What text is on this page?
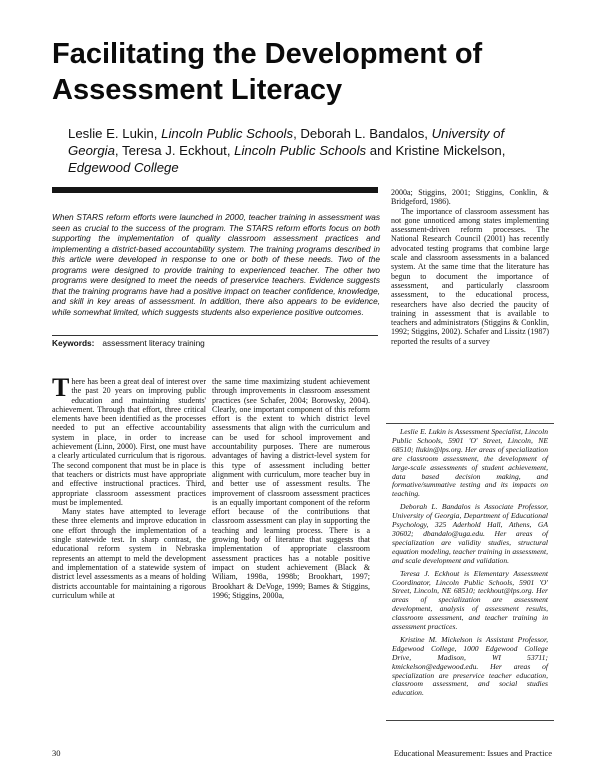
Facilitating the Development of Assessment Literacy
Leslie E. Lukin, Lincoln Public Schools, Deborah L. Bandalos, University of Georgia, Teresa J. Eckhout, Lincoln Public Schools and Kristine Mickelson, Edgewood College
When STARS reform efforts were launched in 2000, teacher training in assessment was seen as crucial to the success of the program. The STARS reform efforts focus on both supporting the implementation of quality classroom assessment practices and implementing a district-based accountability system. The training programs described in this article were developed in response to one or both of these needs. Two of the programs were designed to provide training to experienced teacher. The other two programs were designed to meet the needs of preservice teachers. Evidence suggests that the training programs have had a positive impact on teacher confidence, knowledge, and skill in key areas of assessment. In addition, there also appears to be evidence, while somewhat limited, which suggests students also experience positive outcomes.
Keywords: assessment literacy training

2000a; Stiggins, 2001; Stiggins, Conklin, & Bridgeford, 1986).

The importance of classroom assessment has not gone unnoticed among states implementing assessment-driven reform processes. The National Research Council (2001) has recently advocated testing programs that combine large scale and classroom assessments in a balanced system. At the same time that the literature has begun to document the importance of assessment, and particularly classroom assessment, to the educational process, researchers have also decried the paucity of training in assessment that is available to teachers and administrators (Stiggins & Conklin, 1992; Stiggins, 2002). Schafer and Lissitz (1987) reported the results of a survey

There has been a great deal of interest over the past 20 years on improving public education and maintaining students' achievement. Through that effort, three critical elements have been identified as the processes needed to put an effective accountability system in place, in order to increase achievement (Linn, 2000). First, one must have a clearly articulated curriculum that is rigorous. The second component that must be in place is that teachers or districts must have appropriate and effective instructional practices. Third, appropriate classroom assessment practices must be implemented.

Many states have attempted to leverage these three elements and improve education in one effort through the implementation of a single statewide test. In sharp contrast, the educational reform system in Nebraska represents an attempt to meld the development and implementation of a statewide system of district level assessments as a means of holding districts accountable for maintaining a rigorous curriculum while at

the same time maximizing student achievement through improvements in classroom assessment practices (see Schafer, 2004; Borowsky, 2004). Clearly, one important component of this reform effort is the extent to which district level assessments that align with the curriculum and can be used for school improvement and accountability purposes. There are numerous advantages of having a district-level system for this type of assessment including better alignment with curriculum, more teacher buy in and better use of assessment results. The improvement of classroom assessment practices is an equally important component of the reform effort because of the contributions that classroom assessment can play in supporting the teaching and learning process. There is a growing body of literature that suggests that implementation of appropriate classroom assessment practices has a notable positive impact on student achievement (Black & Wiliam, 1998a, 1998b; Brookhart, 1997; Brookhart & DeVoge, 1999; Bames & Stiggins, 1996; Stiggins, 2000a,

Leslie E. Lukin is Assessment Specialist, Lincoln Public Schools, 5901 'O' Street, Lincoln, NE 68510; llukin@lps.org. Her areas of specialization are classroom assessment, the development of large-scale assessments of student achievement, data based decision making, and formative/summative testing and its impacts on teaching.

Deborah L. Bandalos is Associate Professor, University of Georgia, Department of Educational Psychology, 325 Aderhold Hall, Athens, GA 30602; dbandalo@uga.edu. Her areas of specialization are validity studies, structural equation modeling, teacher training in assessment, and scale development and validation.

Teresa J. Eckhout is Elementary Assessment Coordinator, Lincoln Public Schools, 5901 'O' Street, Lincoln, NE 68510; teckhout@lps.org. Her areas of specialization are assessment development, analysis of assessment results, classroom assessment, and teacher training in assessment practices.

Kristine M. Mickelson is Assistant Professor, Edgewood College, 1000 Edgewood College Drive, Madison, WI 53711; kmickelson@edgewood.edu. Her areas of specialization are preservice teacher education, classroom assessment, and social studies education.

30	Educational Measurement: Issues and Practice
